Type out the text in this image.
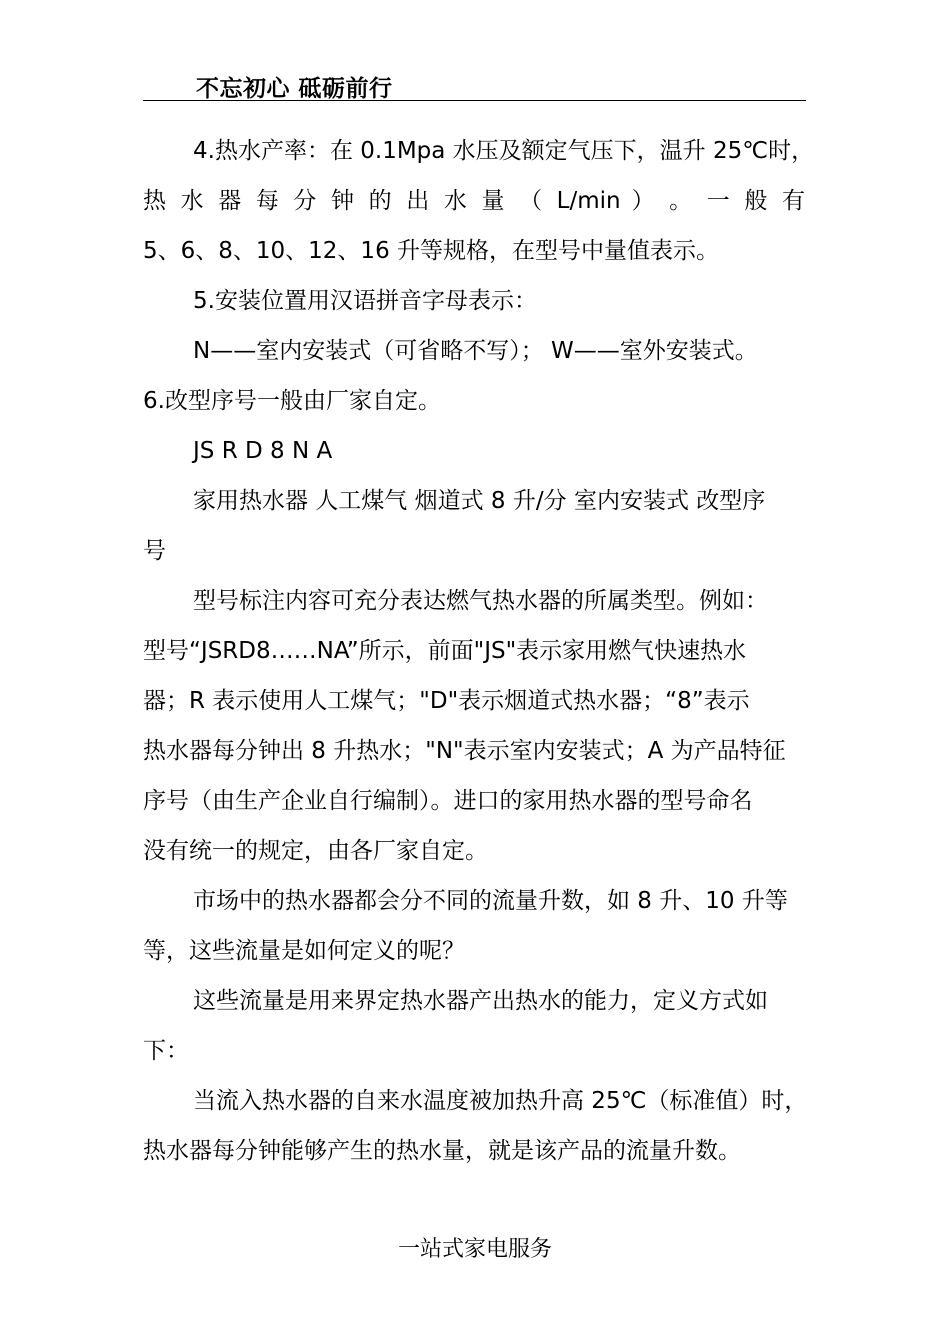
不忘初心 砥砺前行
4.热水产率：在 0.1Mpa 水压及额定气压下，温升 25℃时，
热 水 器 每 分 钟 的 出 水 量 （ L/min ） 。 一 般 有
5、6、8、10、12、16 升等规格，在型号中量值表示。
5.安装位置用汉语拼音字母表示：
N——室内安装式（可省略不写）； W——室外安装式。
6.改型序号一般由厂家自定。
JS R D 8 N A
家用热水器 人工煤气 烟道式 8 升/分 室内安装式 改型序
号
型号标注内容可充分表达燃气热水器的所属类型。例如：
型号“JSRD8……NA”所示，前面"JS"表示家用燃气快速热水
器；R 表示使用人工煤气；"D"表示烟道式热水器；“8”表示
热水器每分钟出 8 升热水；"N"表示室内安装式；A 为产品特征
序号（由生产企业自行编制）。进口的家用热水器的型号命名
没有统一的规定，由各厂家自定。
市场中的热水器都会分不同的流量升数，如 8 升、10 升等
等，这些流量是如何定义的呢？
这些流量是用来界定热水器产出热水的能力，定义方式如
下：
当流入热水器的自来水温度被加热升高 25℃（标准值）时，
热水器每分钟能够产生的热水量，就是该产品的流量升数。
一站式家电服务
